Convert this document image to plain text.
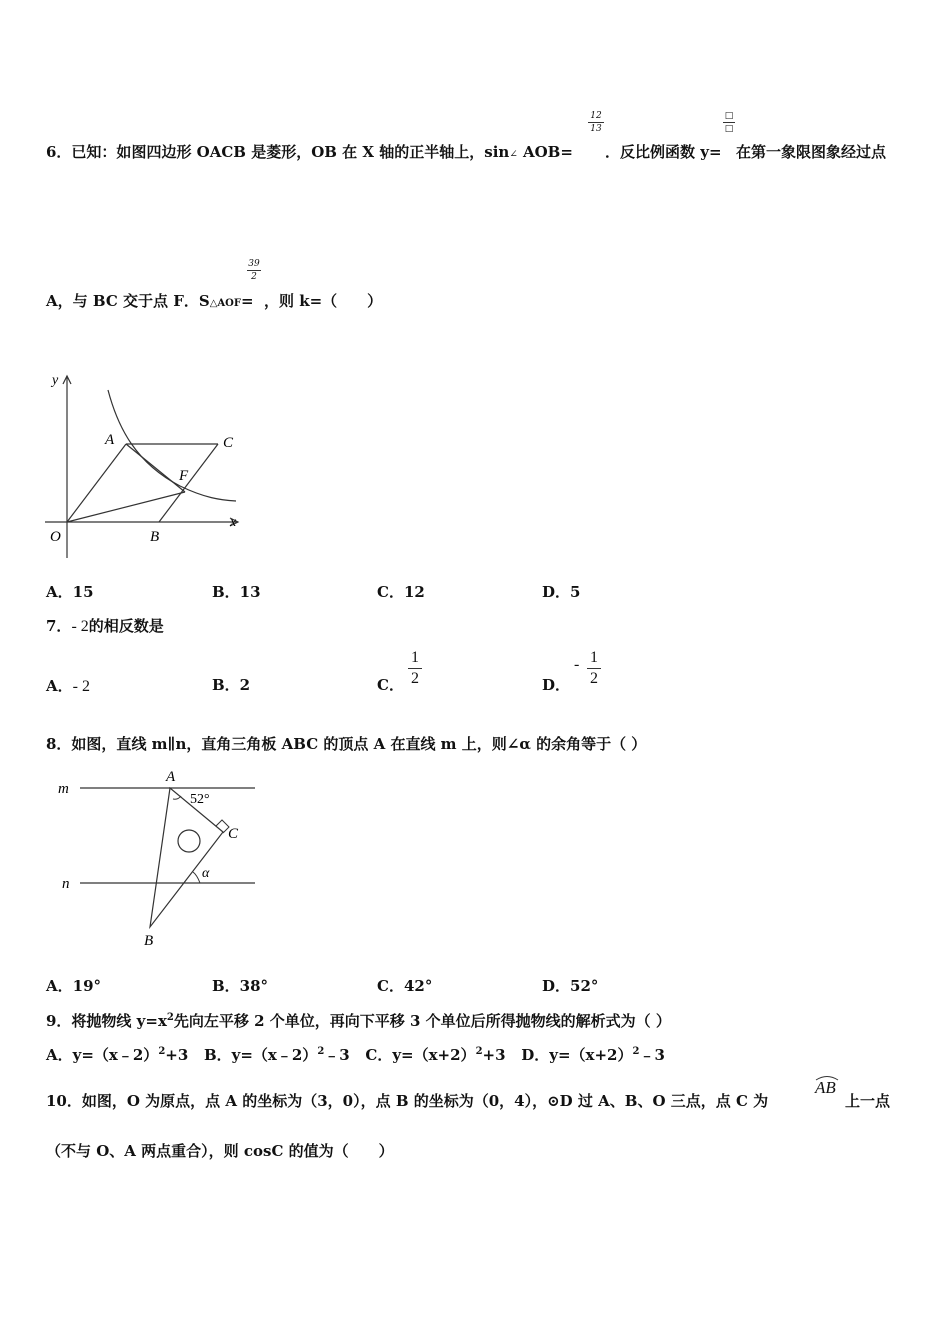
6．已知：如图四边形 OACB 是菱形，OB 在 X 轴的正半轴上，sin∠ AOB=
$\frac{12}{13}$
．反比例函数 y=
□
□
在第一象限图象经过点
A，与 BC 交于点 F．S△AOF=
$\frac{39}{2}$
，则 k=（　　）
y
x
O
A	C
F
B
A．15	B．13	C．12	D．5
7．- 2的相反数是
A．- 2	B．2	C． $\frac{1}{2}$	D．
- $\frac{1}{2}$
8．如图，直线 m∥n，直角三角板 ABC 的顶点 A 在直线 m 上，则∠α 的余角等于（ ）
m
n
A
B
C
52°
α
A．19°	B．38°	C．42°	D．52°
9．将抛物线 $y=x^2$先向左平移 2 个单位，再向下平移 3 个单位后所得抛物线的解析式为（ ）
A．y=（x﹣2）$^2$+3 B．y=（x﹣2）$^2$﹣3 C．$y=(x+2)^2+3$ D．$y=(x+2)^2﹣3$
10．如图，O 为原点，点 A 的坐标为（3，0），点 B 的坐标为（0，4），⊙D 过 A、B、O 三点，点 C 为
AB
上一点
（不与 O、A 两点重合），则 cosC 的值为（　　）
